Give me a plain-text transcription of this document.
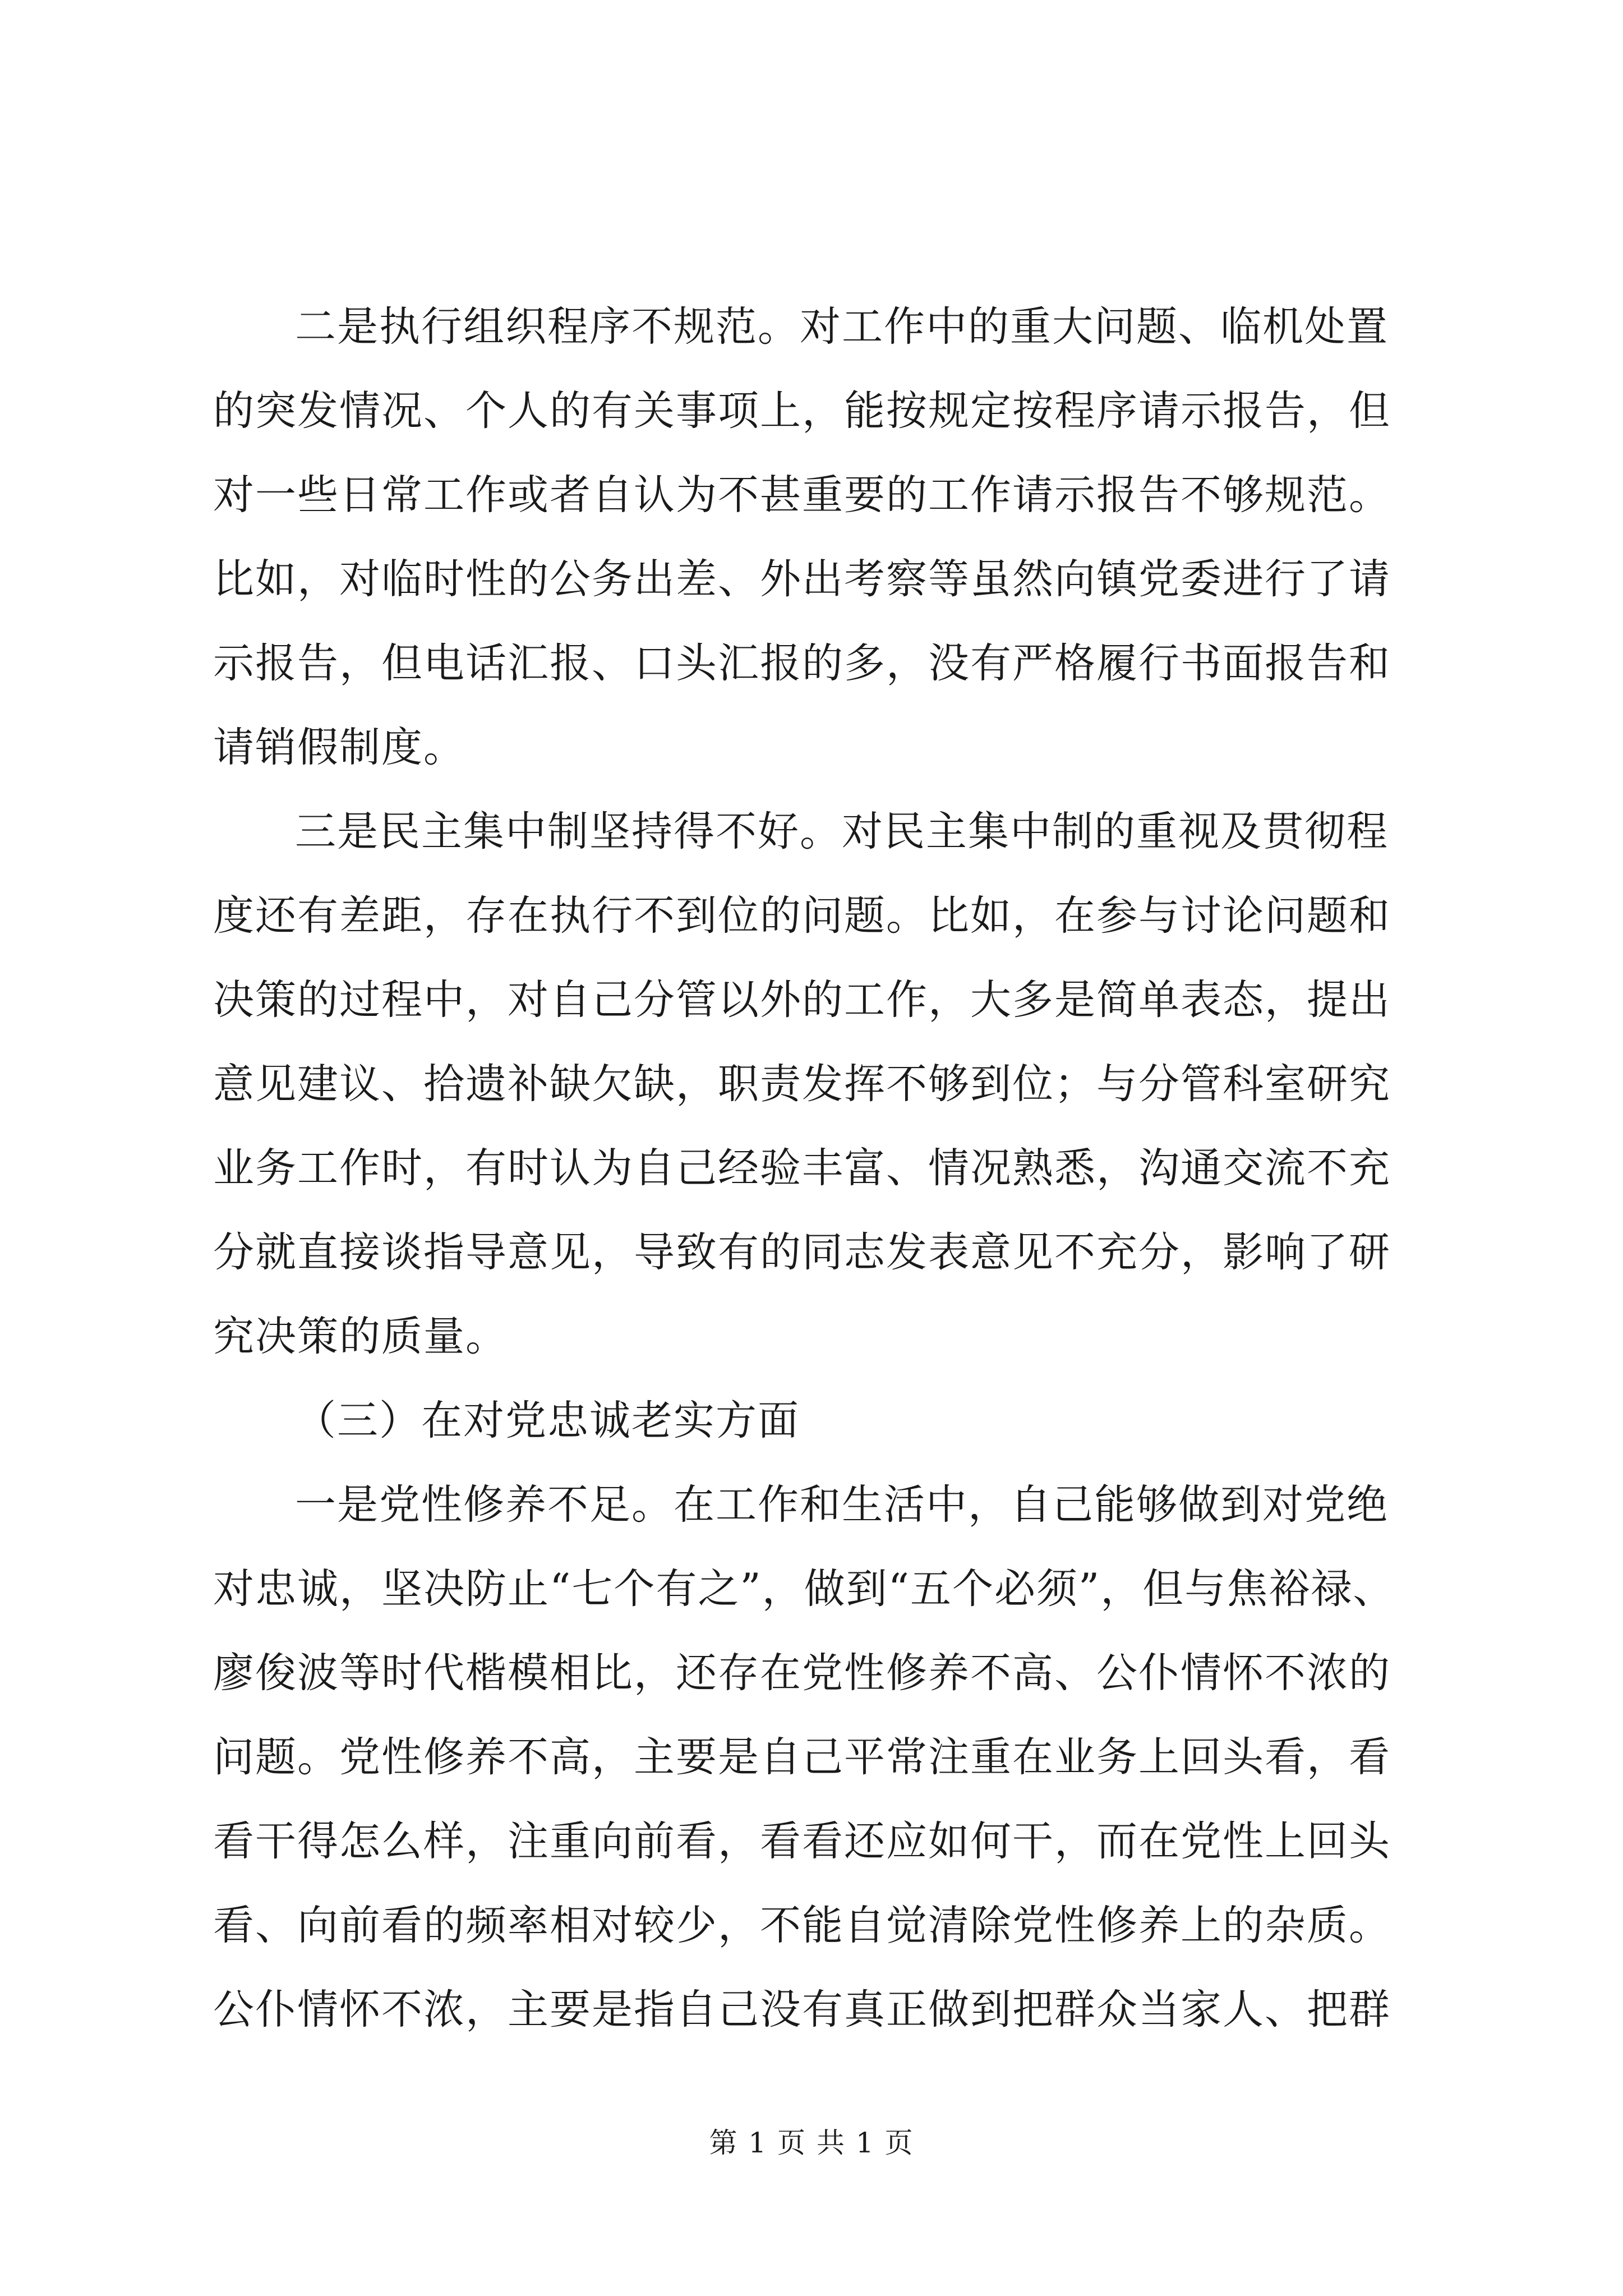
二是执行组织程序不规范。对工作中的重大问题、临机处置
的突发情况、个人的有关事项上，能按规定按程序请示报告，但
对一些日常工作或者自认为不甚重要的工作请示报告不够规范。
比如，对临时性的公务出差、外出考察等虽然向镇党委进行了请
示报告，但电话汇报、口头汇报的多，没有严格履行书面报告和
请销假制度。
三是民主集中制坚持得不好。对民主集中制的重视及贯彻程
度还有差距，存在执行不到位的问题。比如，在参与讨论问题和
决策的过程中，对自己分管以外的工作，大多是简单表态，提出
意见建议、拾遗补缺欠缺，职责发挥不够到位；与分管科室研究
业务工作时，有时认为自己经验丰富、情况熟悉，沟通交流不充
分就直接谈指导意见，导致有的同志发表意见不充分，影响了研
究决策的质量。
（三）在对党忠诚老实方面
一是党性修养不足。在工作和生活中，自己能够做到对党绝
对忠诚，坚决防止“七个有之”，做到“五个必须”，但与焦裕禄、
廖俊波等时代楷模相比，还存在党性修养不高、公仆情怀不浓的
问题。党性修养不高，主要是自己平常注重在业务上回头看，看
看干得怎么样，注重向前看，看看还应如何干，而在党性上回头
看、向前看的频率相对较少，不能自觉清除党性修养上的杂质。
公仆情怀不浓，主要是指自己没有真正做到把群众当家人、把群
第 1 页 共 1 页
